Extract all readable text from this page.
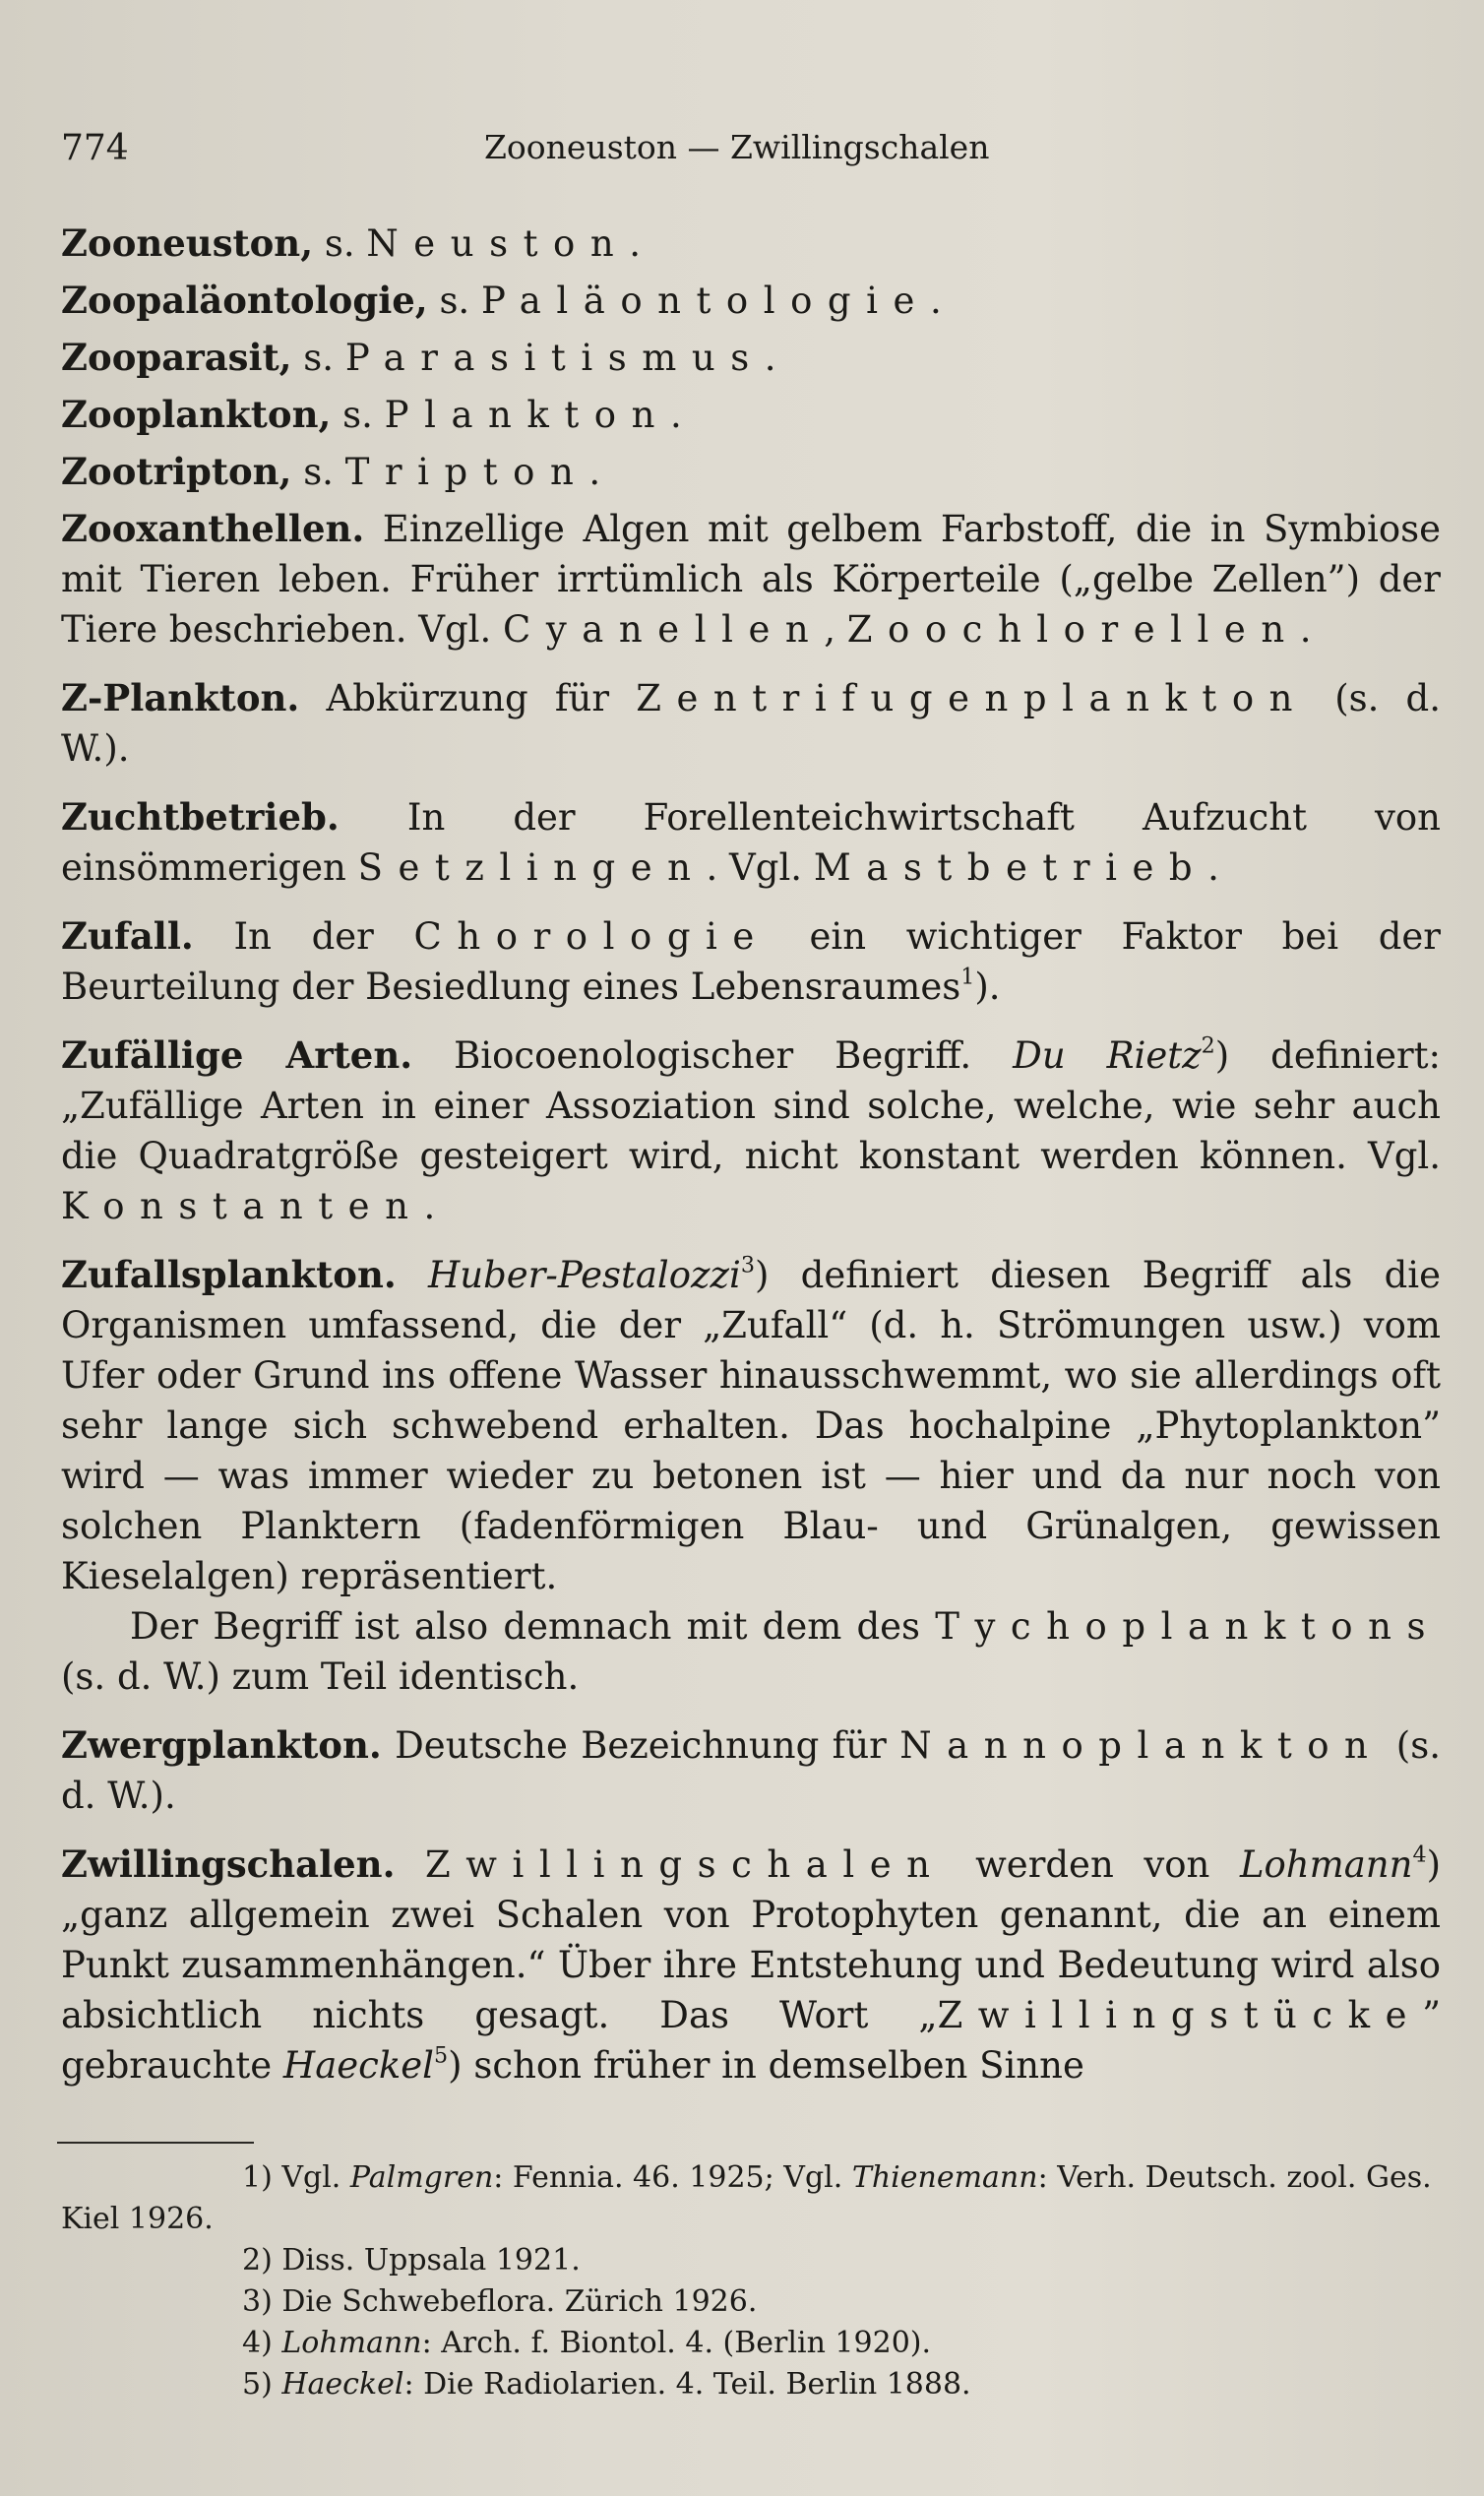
774	Zooneuston — Zwillingschalen

Zooneuston, s. Neuston.

Zoopaläontologie, s. Paläontologie.

Zooparasit, s. Parasitismus.

Zooplankton, s. Plankton.

Zootripton, s. Tripton.

Zooxanthellen. Einzellige Algen mit gelbem Farbstoff, die in Symbiose mit Tieren leben. Früher irrtümlich als Körperteile („gelbe Zellen”) der Tiere beschrieben. Vgl. Cyanellen, Zoochlorellen.

Z-Plankton. Abkürzung für Zentrifugenplankton (s. d. W.).

Zuchtbetrieb. In der Forellenteichwirtschaft Aufzucht von einsömmerigen Setzlingen. Vgl. Mastbetrieb.

Zufall. In der Chorologie ein wichtiger Faktor bei der Beurteilung der Besiedlung eines Lebensraumes$^1$).

Zufällige Arten. Biocoenologischer Begriff. Du Rietz$^2$) definiert: „Zufällige Arten in einer Assoziation sind solche, welche, wie sehr auch die Quadratgröße gesteigert wird, nicht konstant werden können. Vgl. Konstanten.

Zufallsplankton. Huber-Pestalozzi$^3$) definiert diesen Begriff als die Organismen umfassend, die der „Zufall“ (d. h. Strömungen usw.) vom Ufer oder Grund ins offene Wasser hinausschwemmt, wo sie allerdings oft sehr lange sich schwebend erhalten. Das hochalpine „Phytoplankton” wird — was immer wieder zu betonen ist — hier und da nur noch von solchen Planktern (fadenförmigen Blau- und Grünalgen, gewissen Kieselalgen) repräsentiert.

Der Begriff ist also demnach mit dem des Tychoplanktons (s. d. W.) zum Teil identisch.

Zwergplankton. Deutsche Bezeichnung für Nannoplankton (s. d. W.).

Zwillingschalen. Zwillingschalen werden von Lohmann$^4$) „ganz allgemein zwei Schalen von Protophyten genannt, die an einem Punkt zusammenhängen.“ Über ihre Entstehung und Bedeutung wird also absichtlich nichts gesagt. Das Wort „Zwillingstücke” gebrauchte Haeckel$^5$) schon früher in demselben Sinne

1) Vgl. Palmgren: Fennia. 46. 1925; Vgl. Thienemann: Verh. Deutsch. zool. Ges. Kiel 1926.

2) Diss. Uppsala 1921.

3) Die Schwebeflora. Zürich 1926.

4) Lohmann: Arch. f. Biontol. 4. (Berlin 1920).

5) Haeckel: Die Radiolarien. 4. Teil. Berlin 1888.
